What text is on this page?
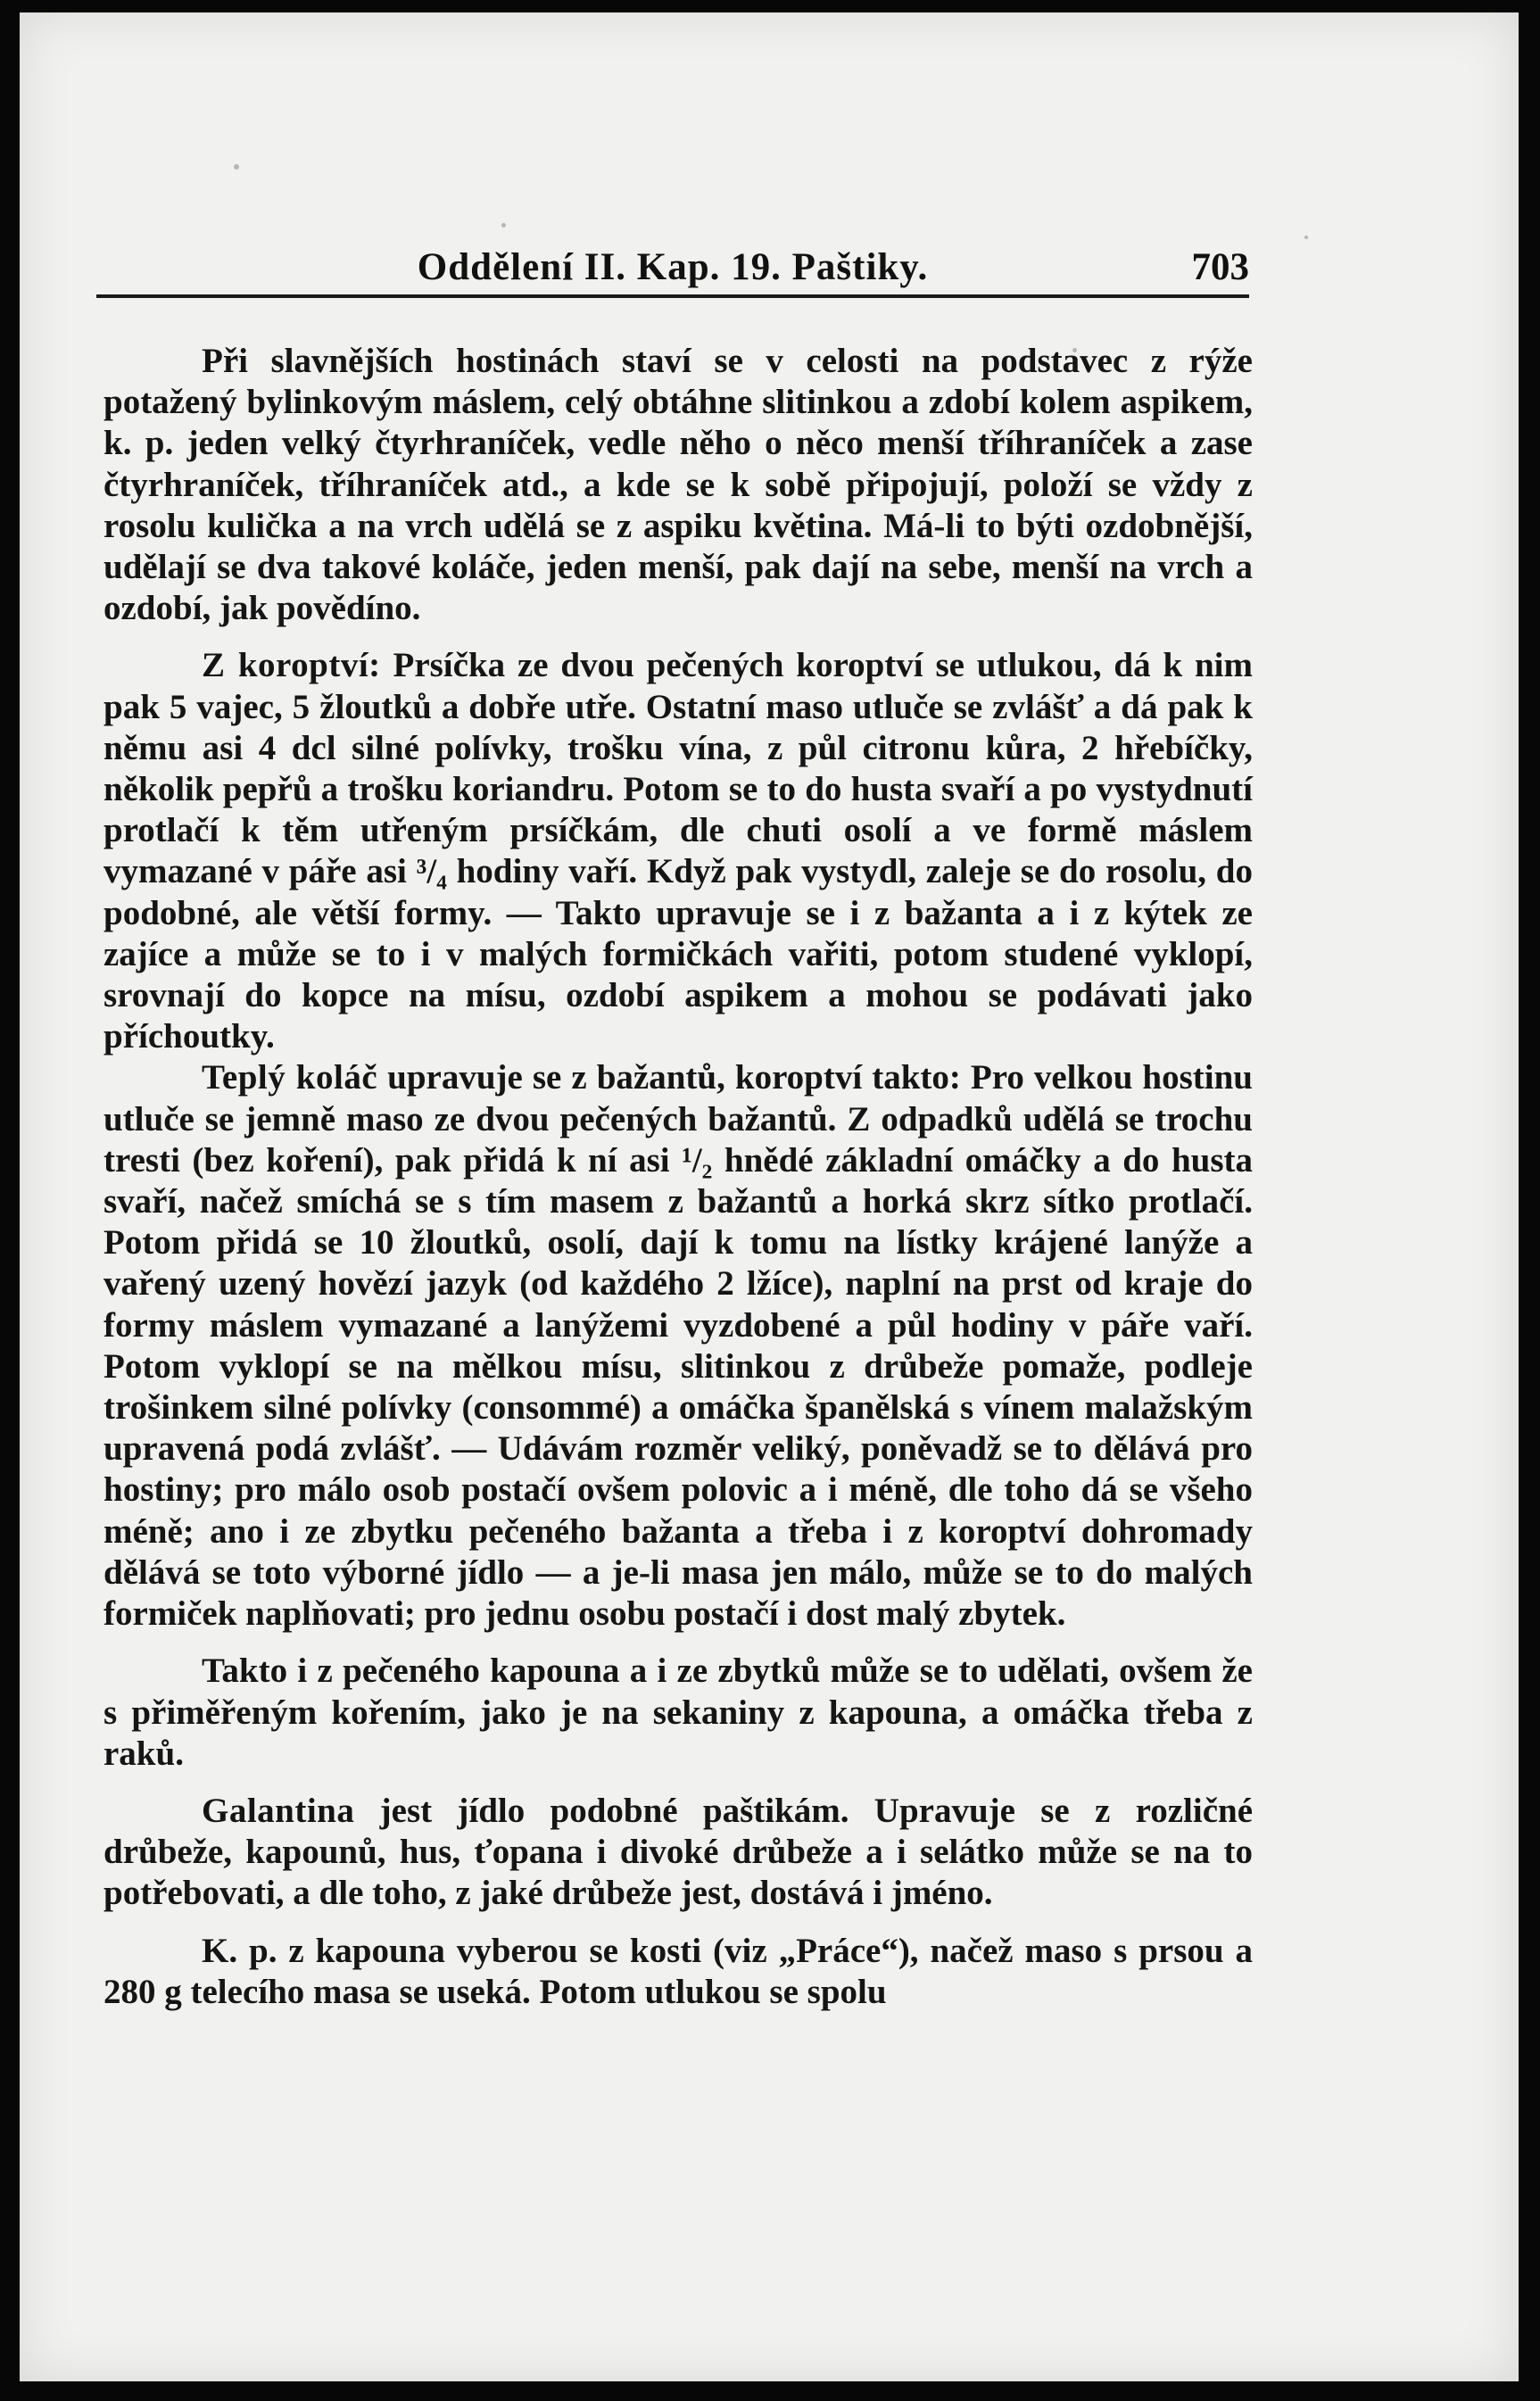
Oddělení II. Kap. 19. Paštiky.	703

Při slavnějších hostinách staví se v celosti na podstavec z rýže potažený bylinkovým máslem, celý obtáhne slitinkou a zdobí kolem aspikem, k. p. jeden velký čtyrhraníček, vedle něho o něco menší tříhraníček a zase čtyrhraníček, tříhraníček atd., a kde se k sobě připojují, položí se vždy z rosolu kulička a na vrch udělá se z aspiku květina. Má-li to býti ozdobnější, udělají se dva takové koláče, jeden menší, pak dají na sebe, menší na vrch a ozdobí, jak povědíno.

Z koroptví: Prsíčka ze dvou pečených koroptví se utlukou, dá k nim pak 5 vajec, 5 žloutků a dobře utře. Ostatní maso utluče se zvlášť a dá pak k němu asi 4 dcl silné polívky, trošku vína, z půl citronu kůra, 2 hřebíčky, několik pepřů a trošku koriandru. Potom se to do husta svaří a po vystydnutí protlačí k těm utřeným prsíčkám, dle chuti osolí a ve formě máslem vymazané v páře asi ³/₄ hodiny vaří. Když pak vystydl, zaleje se do rosolu, do podobné, ale větší formy. — Takto upravuje se i z bažanta a i z kýtek ze zajíce a může se to i v malých formičkách vařiti, potom studené vyklopí, srovnají do kopce na mísu, ozdobí aspikem a mohou se podávati jako příchoutky.

Teplý koláč upravuje se z bažantů, koroptví takto: Pro velkou hostinu utluče se jemně maso ze dvou pečených bažantů. Z odpadků udělá se trochu tresti (bez koření), pak přidá k ní asi ¹/₂ hnědé základní omáčky a do husta svaří, načež smíchá se s tím masem z bažantů a horká skrz sítko protlačí. Potom přidá se 10 žloutků, osolí, dají k tomu na lístky krájené lanýže a vařený uzený hovězí jazyk (od každého 2 lžíce), naplní na prst od kraje do formy máslem vymazané a lanýžemi vyzdobené a půl hodiny v páře vaří. Potom vyklopí se na mělkou mísu, slitinkou z drůbeže pomaže, podleje trošinkem silné polívky (consommé) a omáčka španělská s vínem malažským upravená podá zvlášť. — Udávám rozměr veliký, poněvadž se to dělává pro hostiny; pro málo osob postačí ovšem polovic a i méně, dle toho dá se všeho méně; ano i ze zbytku pečeného bažanta a třeba i z koroptví dohromady dělává se toto výborné jídlo — a je-li masa jen málo, může se to do malých formiček naplňovati; pro jednu osobu postačí i dost malý zbytek.

Takto i z pečeného kapouna a i ze zbytků může se to udělati, ovšem že s přiměřeným kořením, jako je na sekaniny z kapouna, a omáčka třeba z raků.

Galantina jest jídlo podobné paštikám. Upravuje se z rozličné drůbeže, kapounů, hus, ťopana i divoké drůbeže a i selátko může se na to potřebovati, a dle toho, z jaké drůbeže jest, dostává i jméno.

K. p. z kapouna vyberou se kosti (viz „Práce“), načež maso s prsou a 280 g telecího masa se useká. Potom utlukou se spolu
